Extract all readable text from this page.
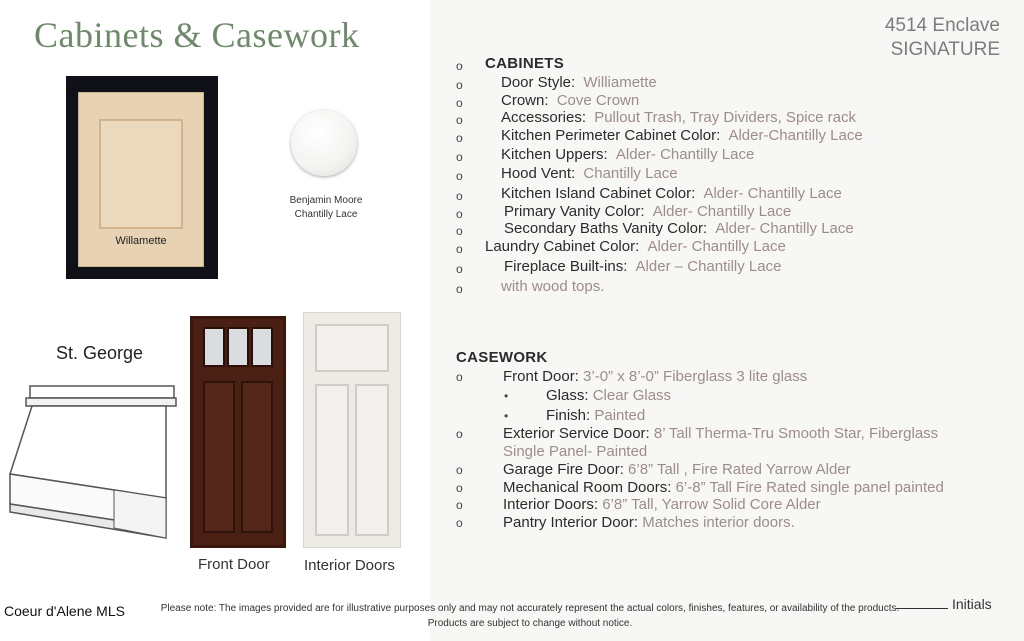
Cabinets & Casework	4514 Enclave
SIGNATURE
Willamette
Benjamin Moore
Chantilly Lace
St. George
Front Door Interior Doors
o	CABINETS
o	Door Style: Williamette
o	Crown: Cove Crown
o	Accessories: Pullout Trash, Tray Dividers, Spice rack
o	Kitchen Perimeter Cabinet Color: Alder-Chantilly Lace
o	Kitchen Uppers: Alder- Chantilly Lace
o	Hood Vent: Chantilly Lace
o	Kitchen Island Cabinet Color: Alder- Chantilly Lace
o	Primary Vanity Color: Alder- Chantilly Lace
o	Secondary Baths Vanity Color: Alder- Chantilly Lace
o	Laundry Cabinet Color: Alder- Chantilly Lace
o	Fireplace Built-ins: Alder – Chantilly Lace
o	with wood tops.
CASEWORK
o	Front Door: 3’-0” x 8’-0” Fiberglass 3 lite glass
•	Glass: Clear Glass
•	Finish: Painted
o	Exterior Service Door: 8’ Tall Therma-Tru Smooth Star, Fiberglass
Single Panel- Painted
o	Garage Fire Door: 6’8” Tall , Fire Rated Yarrow Alder
o	Mechanical Room Doors: 6’-8” Tall Fire Rated single panel painted
o	Interior Doors: 6’8” Tall, Yarrow Solid Core Alder
o	Pantry Interior Door: Matches interior doors.
Please note: The images provided are for illustrative purposes only and may not accurately represent the actual colors, finishes, features, or availability of the products.
Products are subject to change without notice.
Coeur d'Alene MLS	Initials
